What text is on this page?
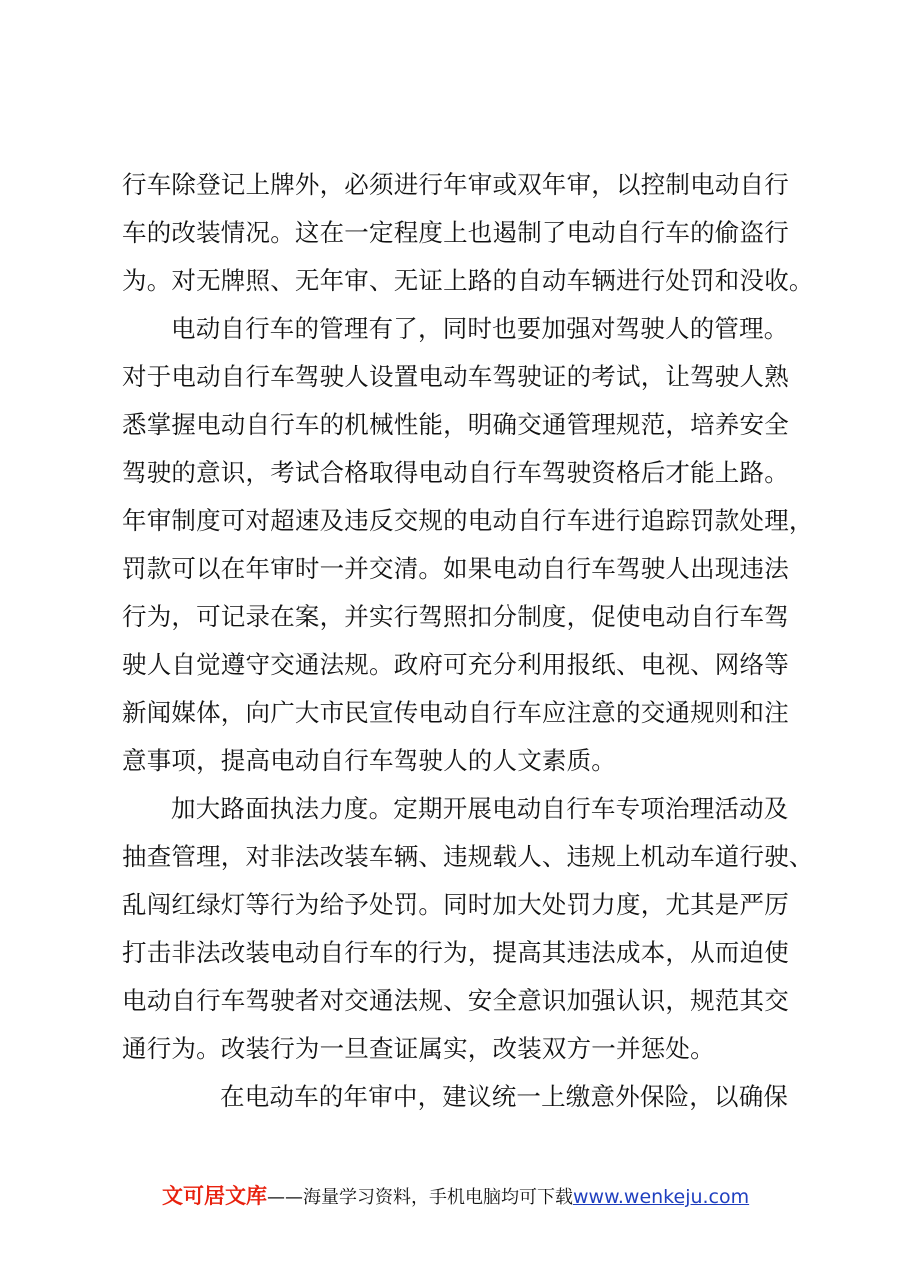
行车除登记上牌外，必须进行年审或双年审，以控制电动自行
车的改装情况。这在一定程度上也遏制了电动自行车的偷盗行
为。对无牌照、无年审、无证上路的自动车辆进行处罚和没收。
电动自行车的管理有了，同时也要加强对驾驶人的管理。
对于电动自行车驾驶人设置电动车驾驶证的考试，让驾驶人熟
悉掌握电动自行车的机械性能，明确交通管理规范，培养安全
驾驶的意识，考试合格取得电动自行车驾驶资格后才能上路。
年审制度可对超速及违反交规的电动自行车进行追踪罚款处理，
罚款可以在年审时一并交清。如果电动自行车驾驶人出现违法
行为，可记录在案，并实行驾照扣分制度，促使电动自行车驾
驶人自觉遵守交通法规。政府可充分利用报纸、电视、网络等
新闻媒体，向广大市民宣传电动自行车应注意的交通规则和注
意事项，提高电动自行车驾驶人的人文素质。
加大路面执法力度。定期开展电动自行车专项治理活动及
抽查管理，对非法改装车辆、违规载人、违规上机动车道行驶、
乱闯红绿灯等行为给予处罚。同时加大处罚力度，尤其是严厉
打击非法改装电动自行车的行为，提高其违法成本，从而迫使
电动自行车驾驶者对交通法规、安全意识加强认识，规范其交
通行为。改装行为一旦查证属实，改装双方一并惩处。
在电动车的年审中，建议统一上缴意外保险，以确保
文可居文库——海量学习资料，手机电脑均可下载www.wenkeju.com
